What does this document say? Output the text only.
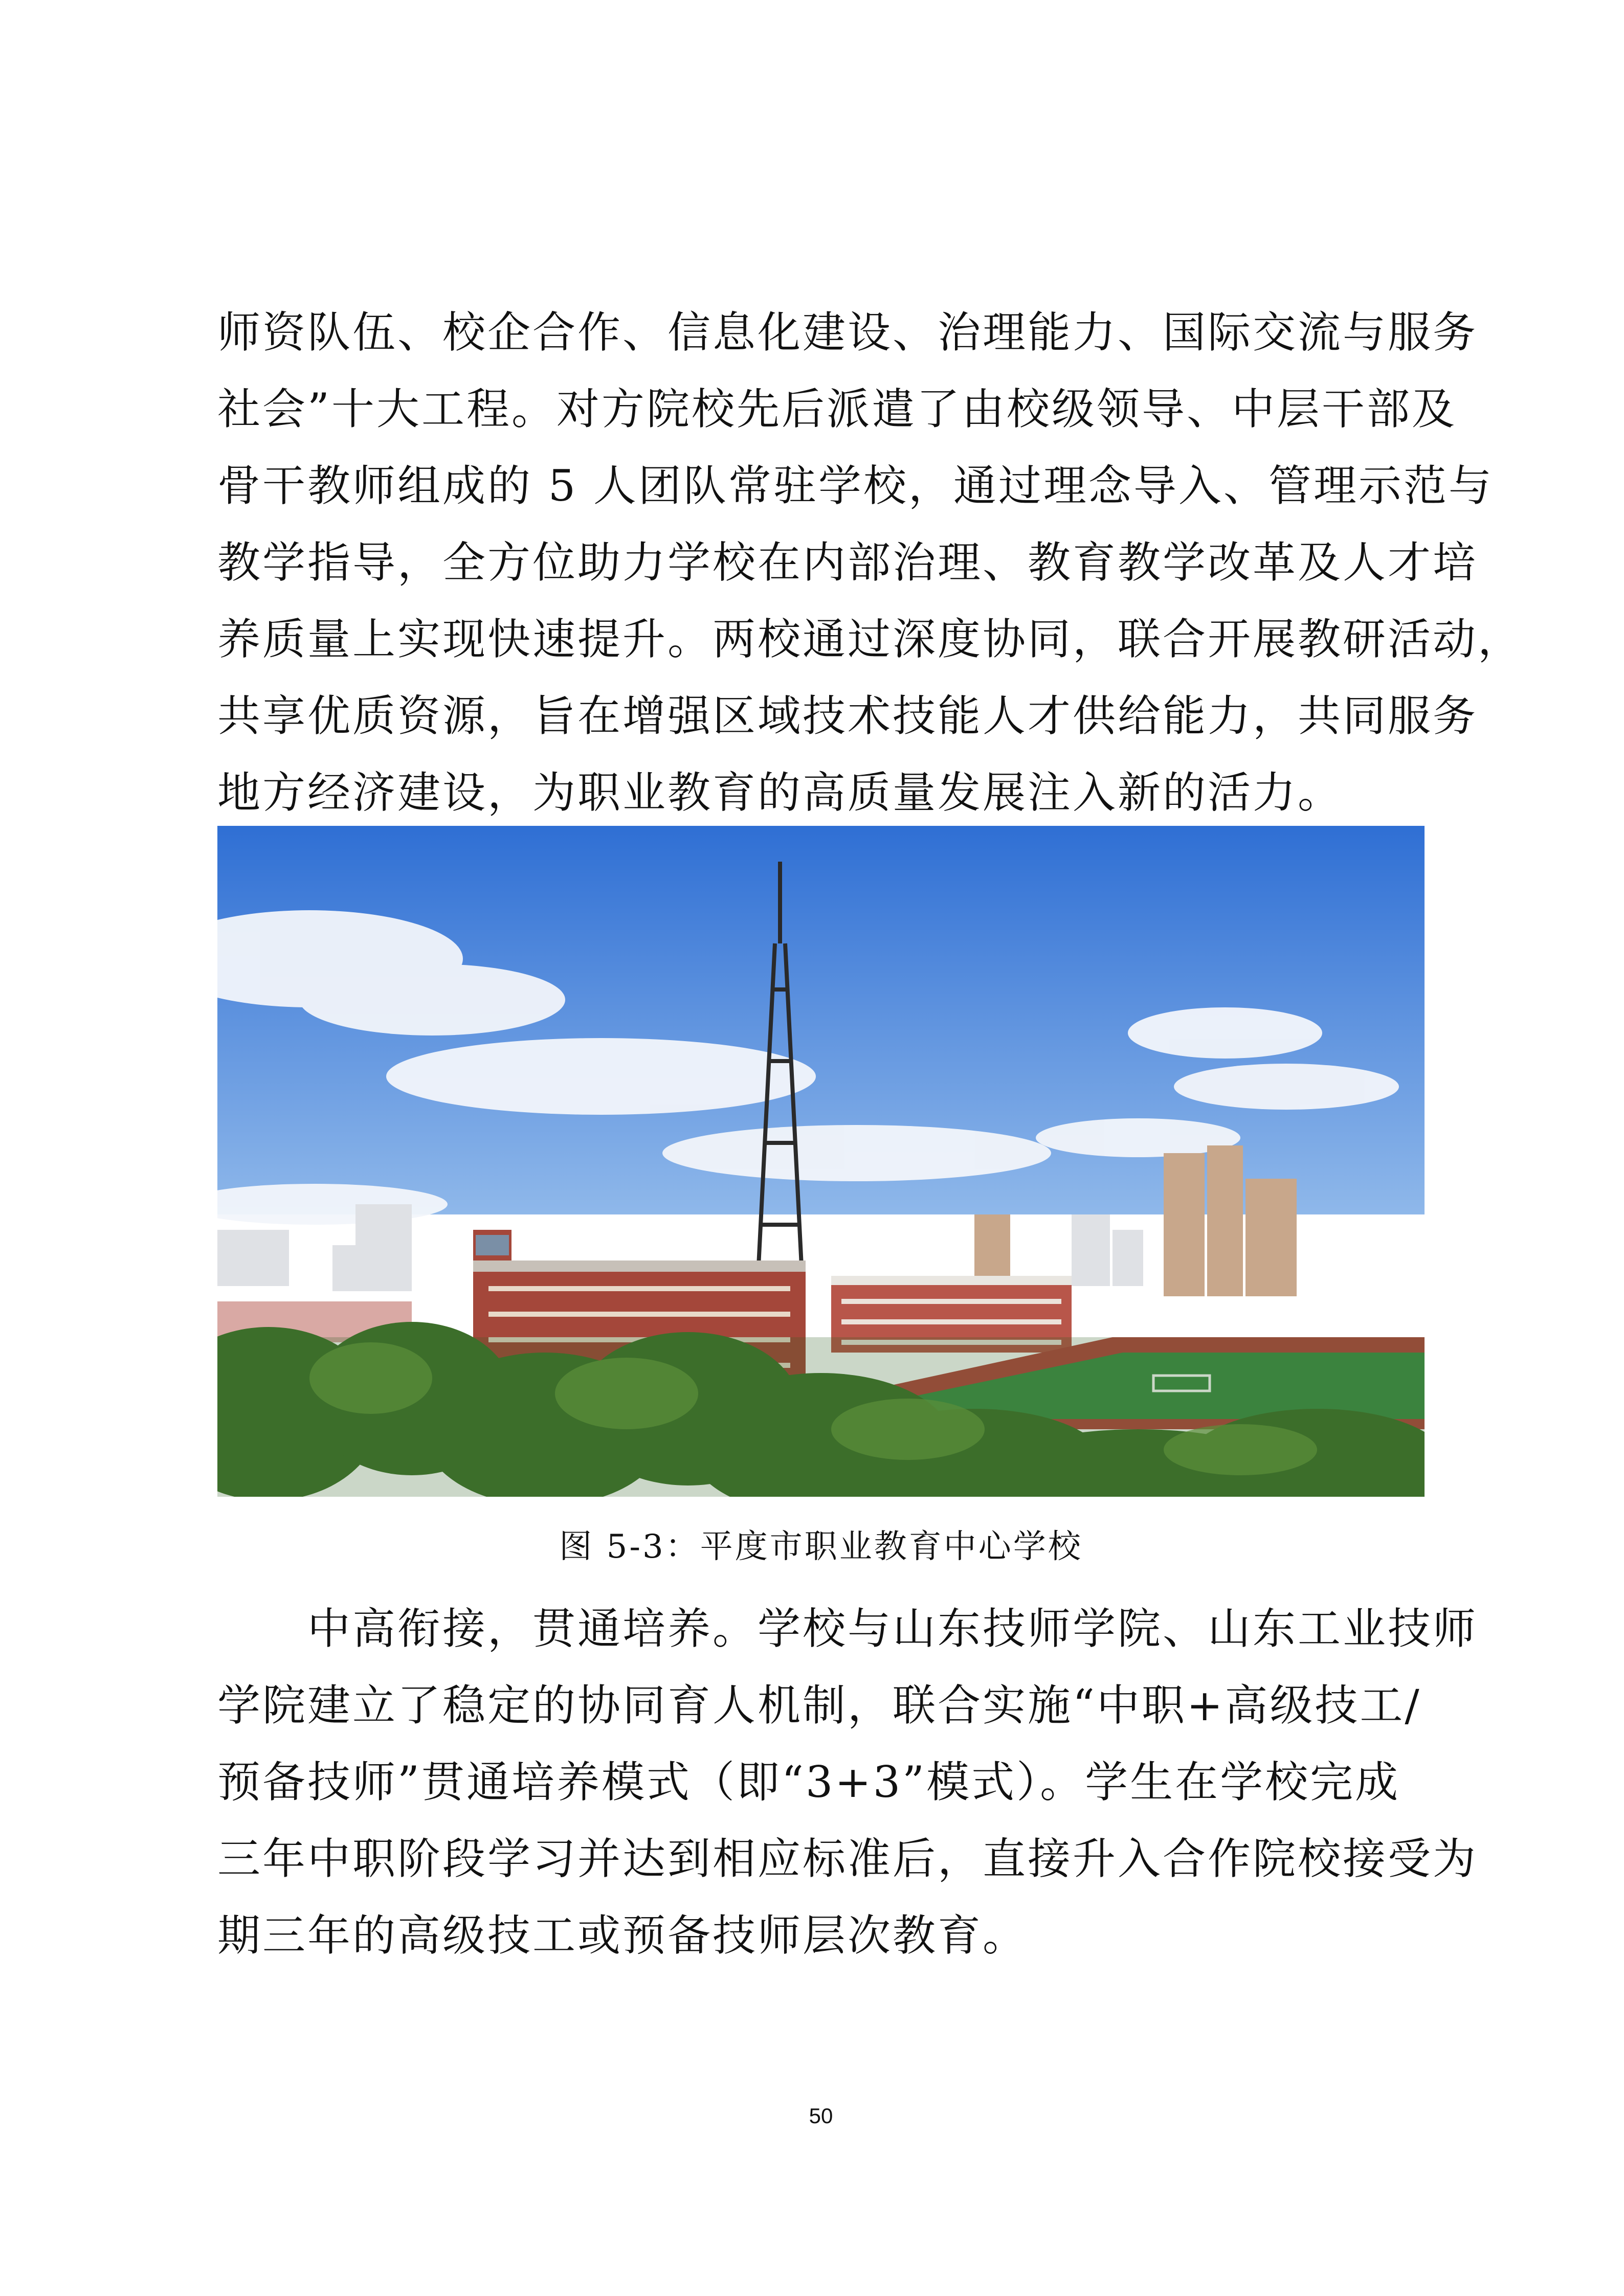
师资队伍、校企合作、信息化建设、治理能力、国际交流与服务
社会”十大工程。对方院校先后派遣了由校级领导、中层干部及
骨干教师组成的 5 人团队常驻学校，通过理念导入、管理示范与
教学指导，全方位助力学校在内部治理、教育教学改革及人才培
养质量上实现快速提升。两校通过深度协同，联合开展教研活动，
共享优质资源，旨在增强区域技术技能人才供给能力，共同服务
地方经济建设，为职业教育的高质量发展注入新的活力。
图 5-3：平度市职业教育中心学校
　　中高衔接，贯通培养。学校与山东技师学院、山东工业技师
学院建立了稳定的协同育人机制，联合实施“中职+高级技工/
预备技师”贯通培养模式（即“3+3”模式）。学生在学校完成
三年中职阶段学习并达到相应标准后，直接升入合作院校接受为
期三年的高级技工或预备技师层次教育。
50
